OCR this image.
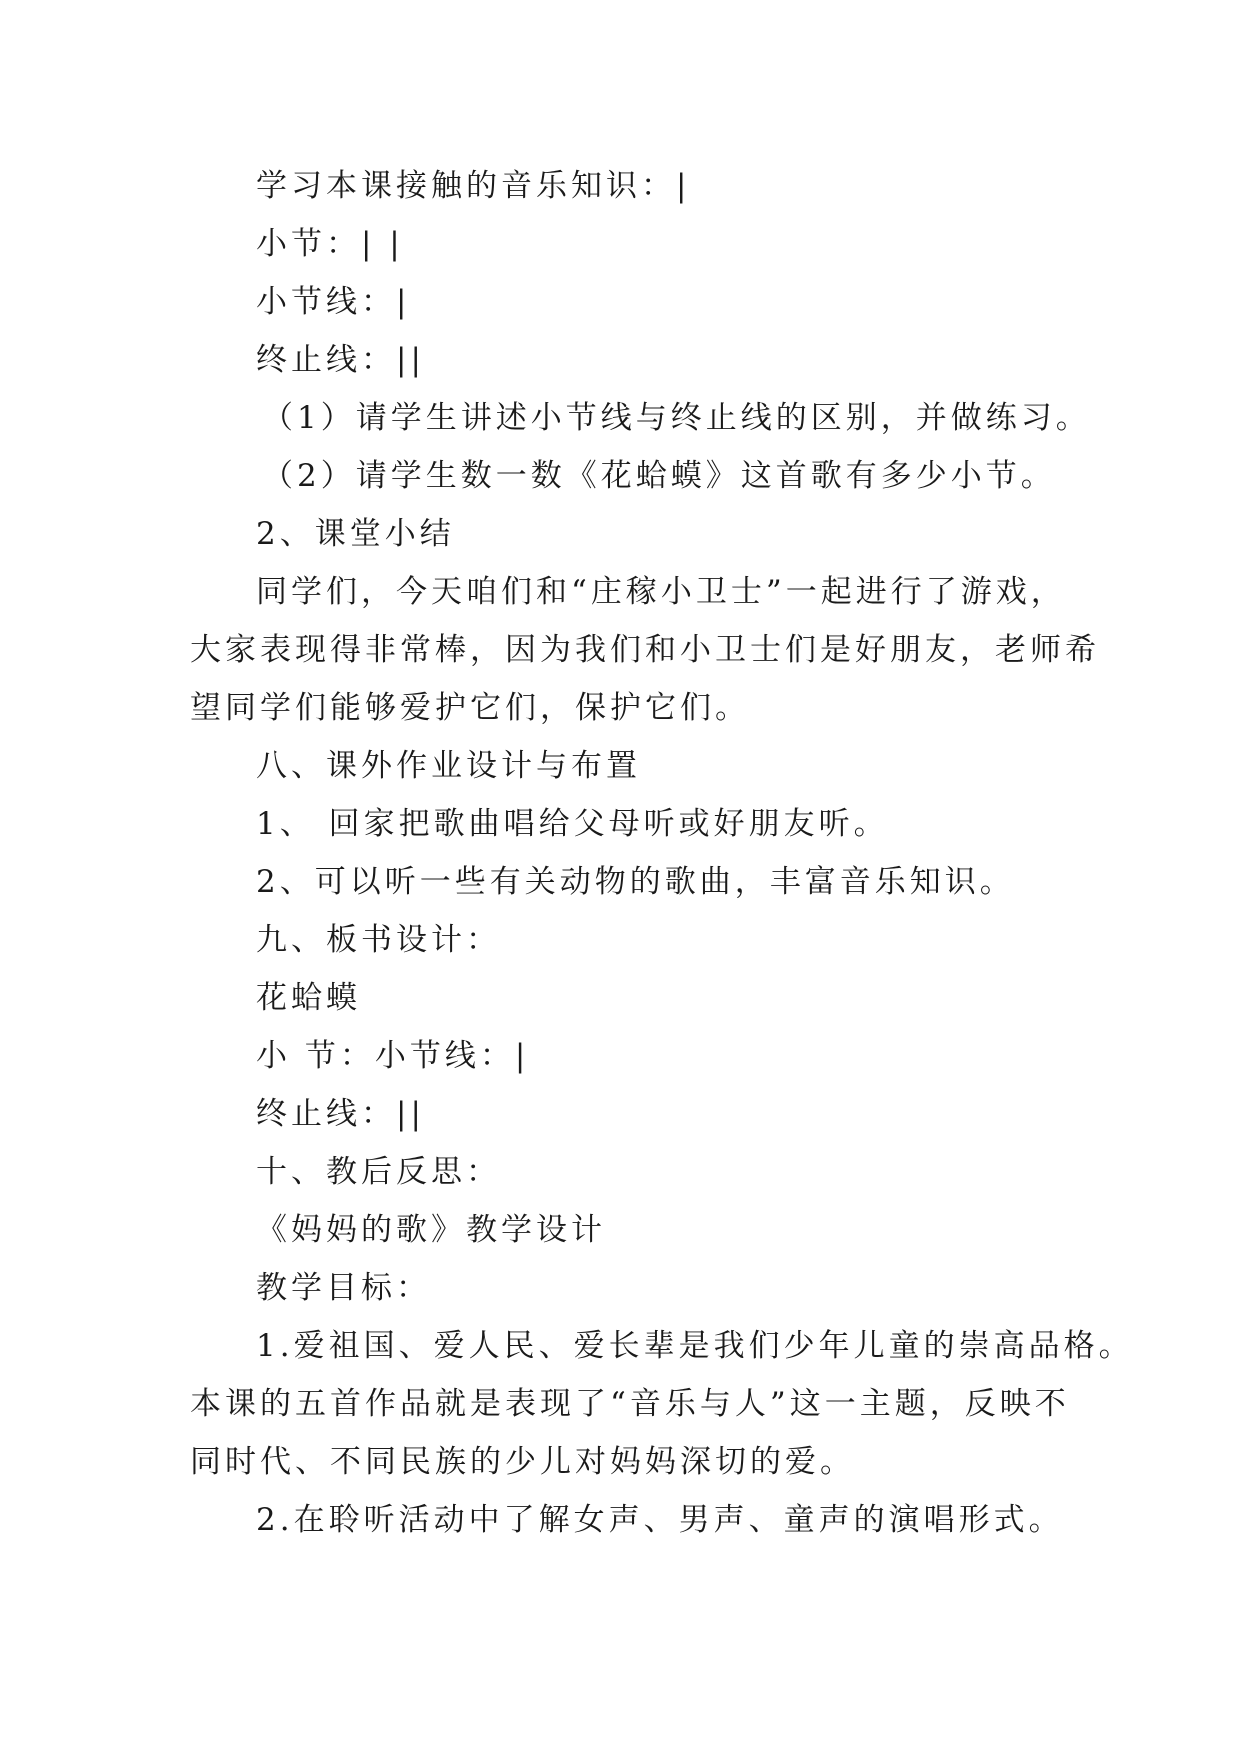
学习本课接触的音乐知识：|
小节：| |
小节线：|
终止线：||
（1）请学生讲述小节线与终止线的区别，并做练习。
（2）请学生数一数《花蛤蟆》这首歌有多少小节。
2、课堂小结
同学们，今天咱们和“庄稼小卫士”一起进行了游戏，
大家表现得非常棒，因为我们和小卫士们是好朋友，老师希
望同学们能够爱护它们，保护它们。
八、课外作业设计与布置
1、 回家把歌曲唱给父母听或好朋友听。
2、可以听一些有关动物的歌曲，丰富音乐知识。
九、板书设计：
花蛤蟆
小 节：小节线：|
终止线：||
十、教后反思：
《妈妈的歌》教学设计
教学目标：
1.爱祖国、爱人民、爱长辈是我们少年儿童的崇高品格。
本课的五首作品就是表现了“音乐与人”这一主题，反映不
同时代、不同民族的少儿对妈妈深切的爱。
2.在聆听活动中了解女声、男声、童声的演唱形式。
